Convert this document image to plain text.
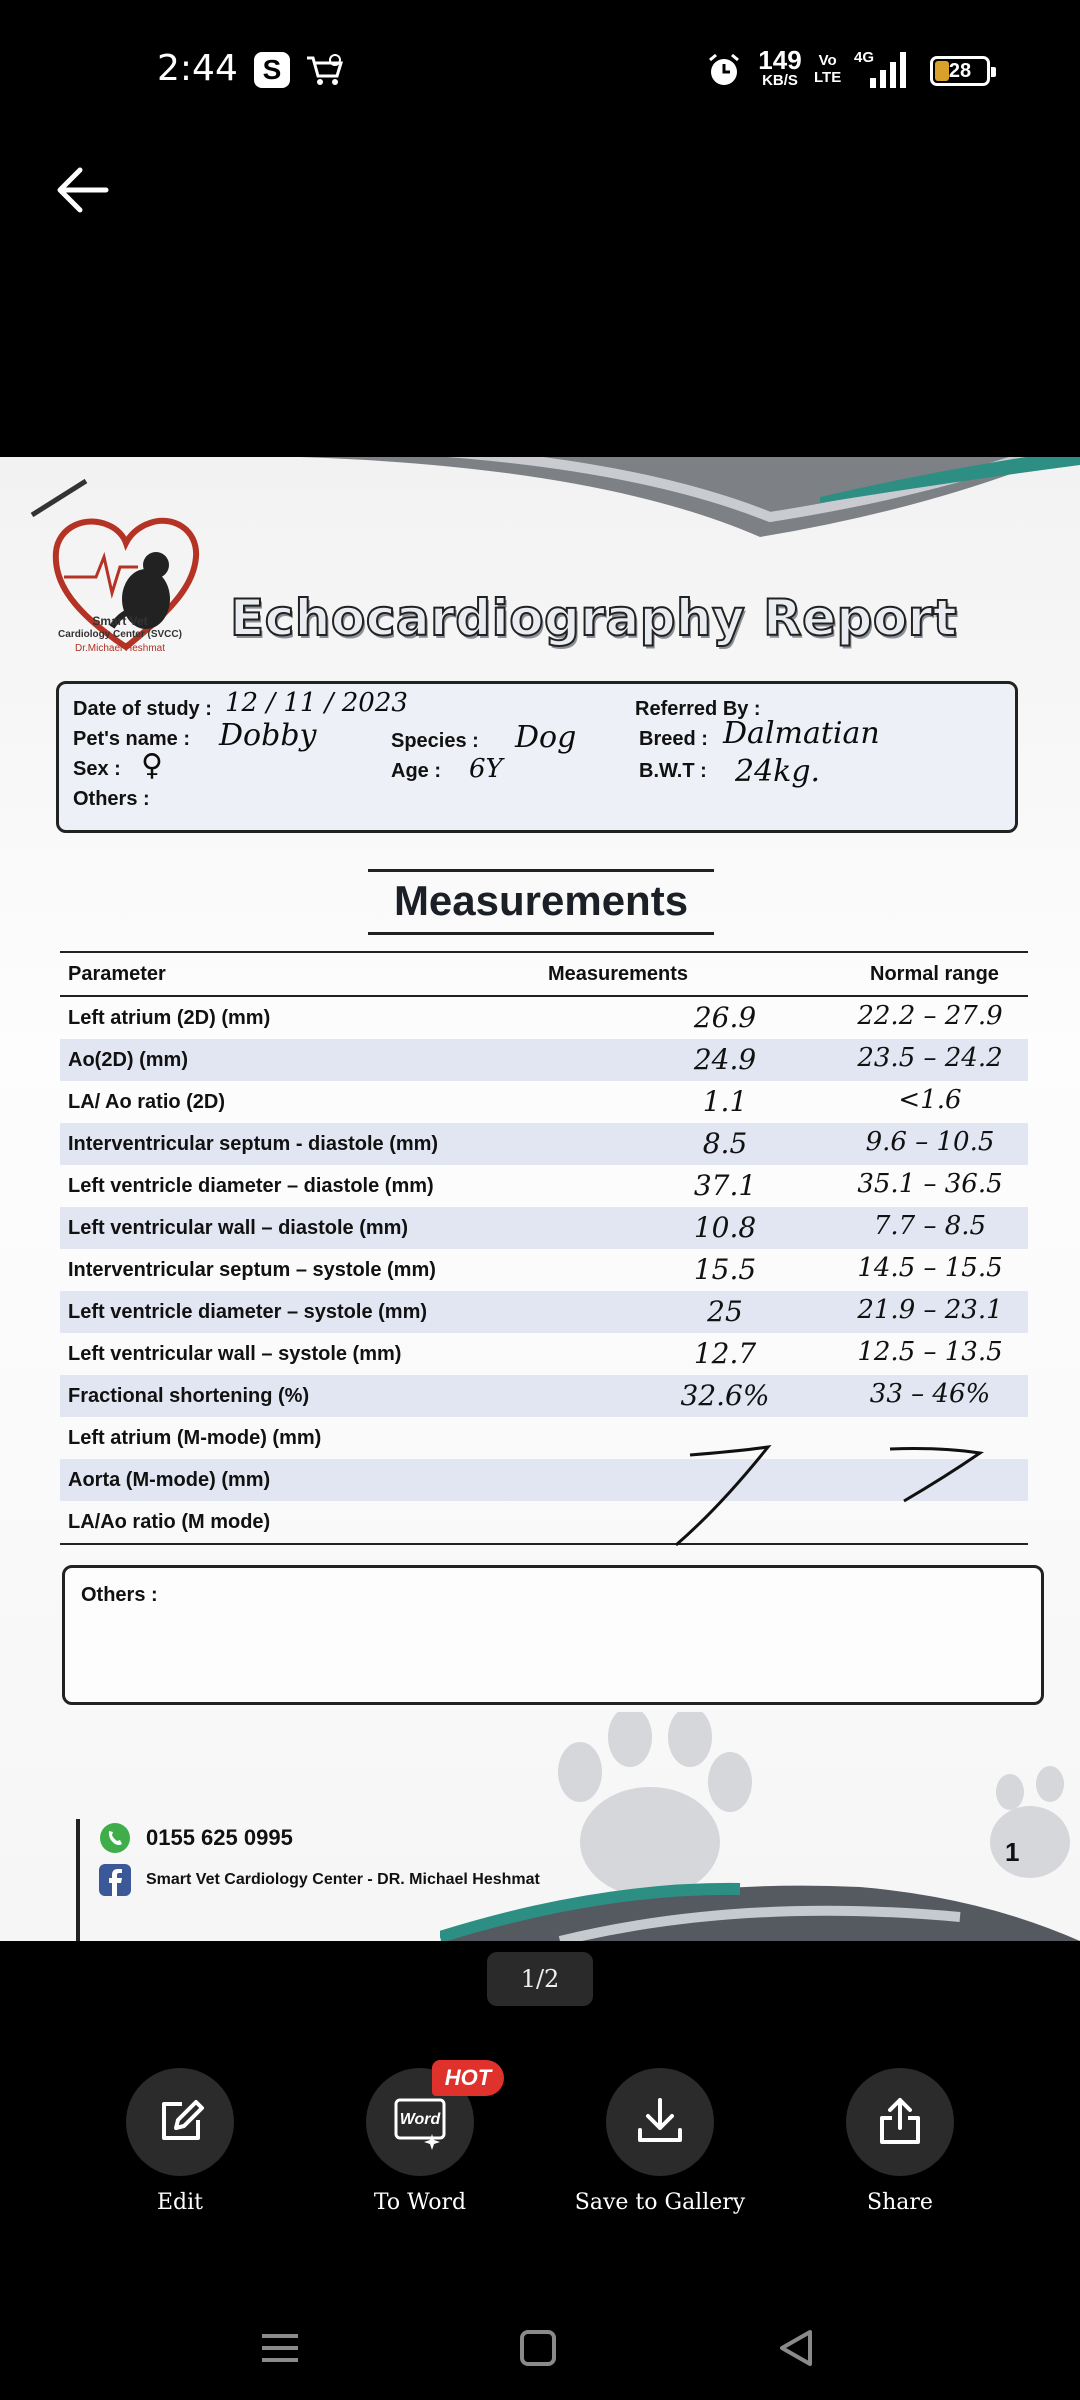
2:44 S	149
KB/S
Vo
LTE
4G
28
Smart Vet
Cardiology Center (SVCC)
Dr.Michael Heshmat
Echocardiography Report
Date of study : 12 / 11 / 2023
Pet's name : Dobby
Sex : ♀
Others :
Species : Dog
Age : 6Y
Referred By :
Breed : Dalmatian
B.W.T : 24kg.
Measurements
Parameter	Measurements	Normal range
Left atrium (2D) (mm)	26.9	22.2 – 27.9
Ao(2D) (mm)	24.9	23.5 – 24.2
LA/ Ao ratio (2D)	1.1	<1.6
Interventricular septum - diastole (mm)	8.5	9.6 – 10.5
Left ventricle diameter – diastole (mm)	37.1	35.1 – 36.5
Left ventricular wall – diastole (mm)	10.8	7.7 – 8.5
Interventricular septum – systole (mm)	15.5	14.5 – 15.5
Left ventricle diameter – systole (mm)	25	21.9 – 23.1
Left ventricular wall – systole (mm)	12.7	12.5 – 13.5
Fractional shortening (%)	32.6%	33 – 46%
Left atrium (M-mode) (mm)
Aorta (M-mode) (mm)
LA/Ao ratio (M mode)
Others :
1
0155 625 0995
Smart Vet Cardiology Center - DR. Michael Heshmat
1/2
Edit
Word
To Word
HOT
Save to Gallery	Share
